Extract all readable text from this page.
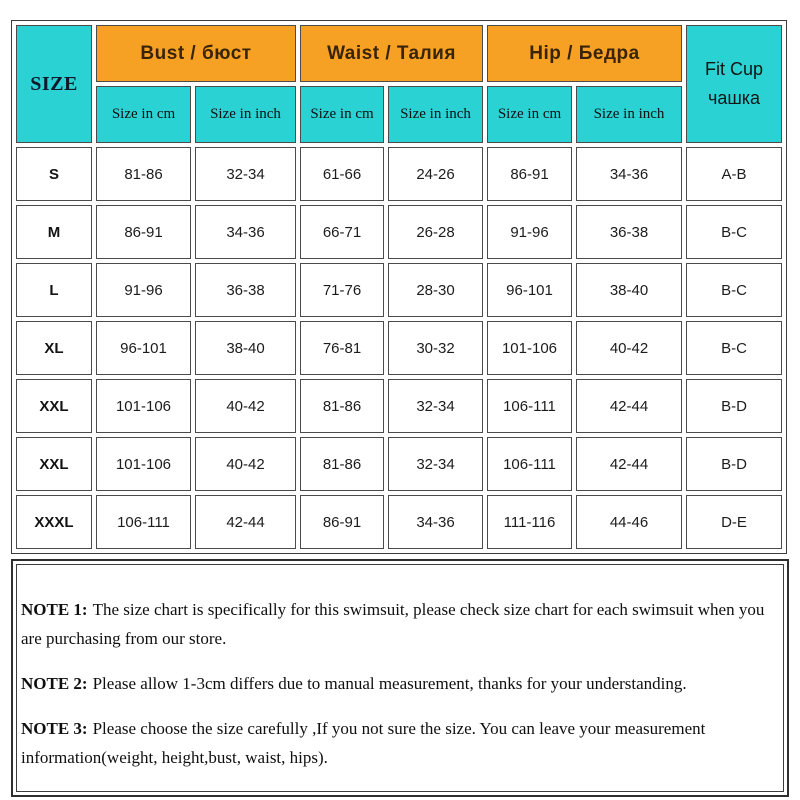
SIZE	Bust / бюст		Waist / Талия		Hip / Бедра		Fit Cup
чашка

	Size in cm	Size in inch	Size in cm	Size in inch	Size in cm	Size in inch	
S	81-86	32-34	61-66	24-26	86-91	34-36	A-B
M	86-91	34-36	66-71	26-28	91-96	36-38	B-C
L	91-96	36-38	71-76	28-30	96-101	38-40	B-C
XL	96-101	38-40	76-81	30-32	101-106	40-42	B-C
XXL	101-106	40-42	81-86	32-34	106-111	42-44	B-D
XXL	101-106	40-42	81-86	32-34	106-111	42-44	B-D
XXXL	106-111	42-44	86-91	34-36	111-116	44-46	D-E

NOTE 1: The size chart is specifically for this swimsuit, please check size chart for each swimsuit when you are purchasing from our store.

NOTE 2: Please allow 1-3cm differs due to manual measurement, thanks for your understanding.

NOTE 3: Please choose the size carefully ,If you not sure the size. You can leave your measurement information(weight, height,bust, waist, hips).
